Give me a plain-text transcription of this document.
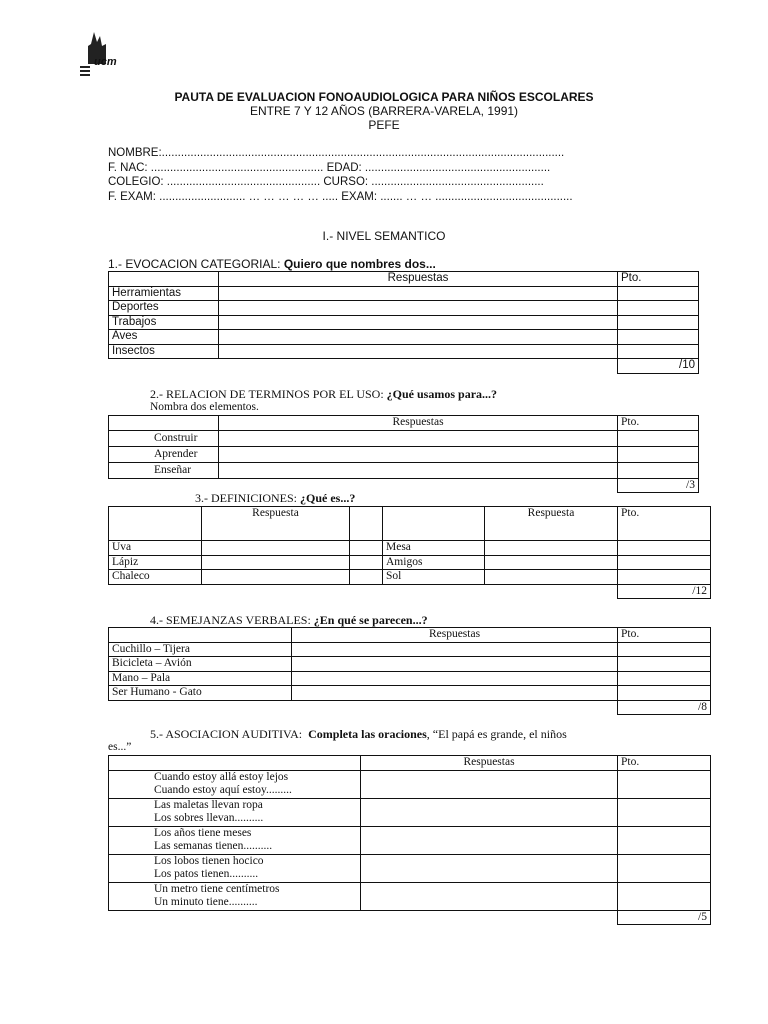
ucm
PAUTA DE EVALUACION FONOAUDIOLOGICA PARA NIÑOS ESCOLARES
ENTRE 7 Y 12 AÑOS (BARRERA-VARELA, 1991)
PEFE
NOMBRE:..............................................................................................................................
F. NAC: ...................................................... EDAD: ..........................................................
COLEGIO: ................................................ CURSO: ......................................................
F. EXAM: ........................... … … … … … ..... EXAM: ....... … … ...........................................
I.- NIVEL SEMANTICO
1.- EVOCACION CATEGORIAL: Quiero que nombres dos...
	Respuestas	Pto.
Herramientas		
Deportes		
Trabajos		
Aves		
Insectos		
		/10
2.- RELACION DE TERMINOS POR EL USO: ¿Qué usamos para...?
Nombra dos elementos.
	Respuestas	Pto.
Construir		
Aprender		
Enseñar		
		/3
3.- DEFINICIONES: ¿Qué es...?
	Respuesta			Respuesta	Pto.
Uva			Mesa		
Lápiz			Amigos		
Chaleco			Sol		
					/12
4.- SEMEJANZAS VERBALES: ¿En qué se parecen...?
	Respuestas	Pto.
Cuchillo – Tijera		
Bicicleta – Avión		
Mano – Pala		
Ser Humano - Gato		
		/8
5.- ASOCIACION AUDITIVA: Completa las oraciones, “El papá es grande, el niños
es...”
	Respuestas	Pto.

Cuando estoy allá estoy lejos
Cuando estoy aquí estoy.........		

Las maletas llevan ropa
Los sobres llevan..........		

Los años tiene meses
Las semanas tienen..........		

Los lobos tienen hocico
Los patos tienen..........		

Un metro tiene centímetros
Un minuto tiene..........		

		/5
